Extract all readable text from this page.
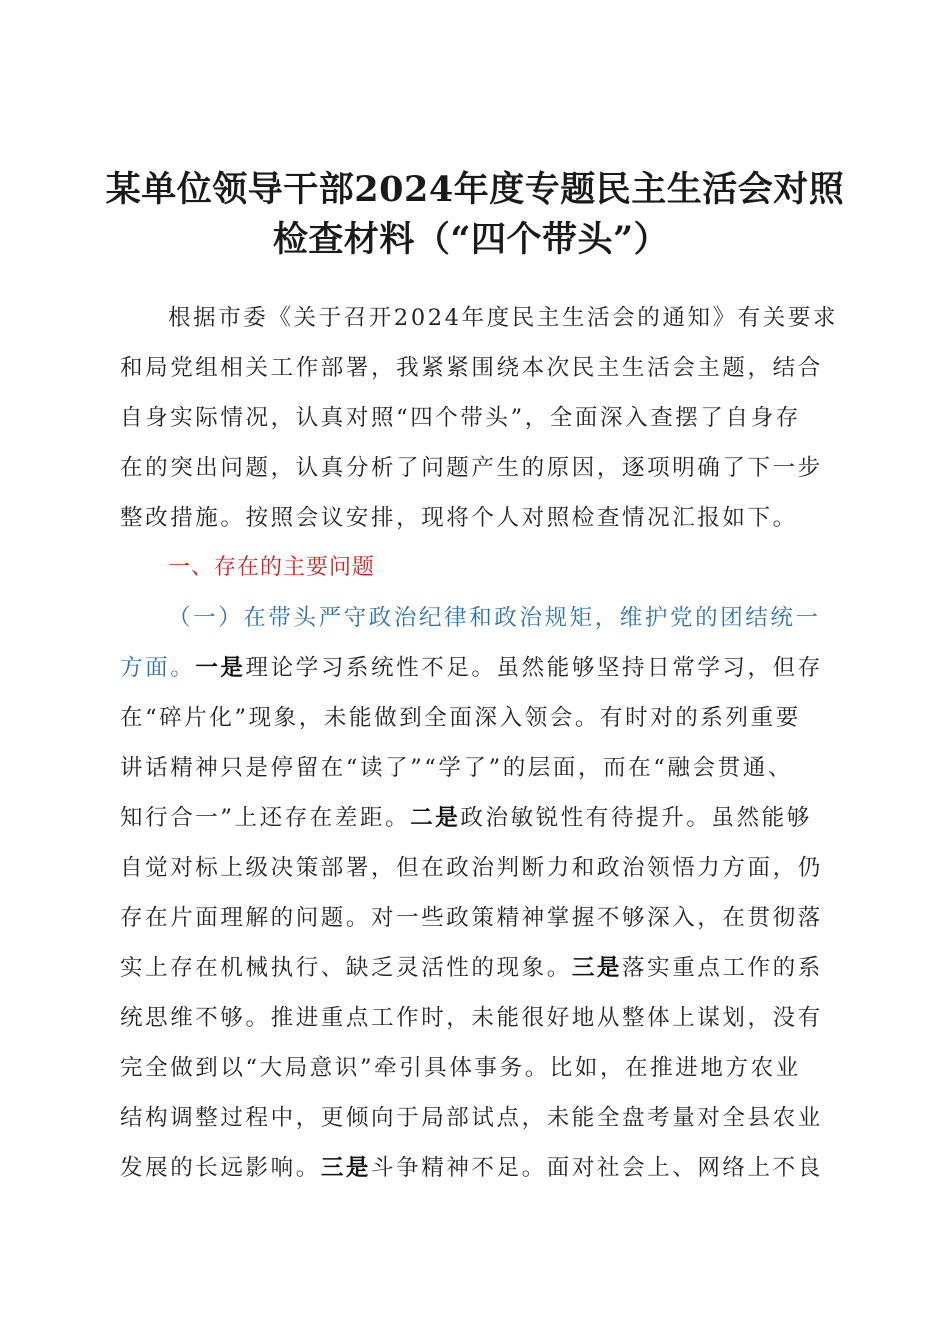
某单位领导干部2024年度专题民主生活会对照
检查材料（“四个带头”）
根据市委《关于召开2024年度民主生活会的通知》有关要求
和局党组相关工作部署，我紧紧围绕本次民主生活会主题，结合
自身实际情况，认真对照“四个带头”，全面深入查摆了自身存
在的突出问题，认真分析了问题产生的原因，逐项明确了下一步
整改措施。按照会议安排，现将个人对照检查情况汇报如下。
一、存在的主要问题
（一）在带头严守政治纪律和政治规矩，维护党的团结统一
方面。一是理论学习系统性不足。虽然能够坚持日常学习，但存
在“碎片化”现象，未能做到全面深入领会。有时对的系列重要
讲话精神只是停留在“读了”“学了”的层面，而在“融会贯通、
知行合一”上还存在差距。二是政治敏锐性有待提升。虽然能够
自觉对标上级决策部署，但在政治判断力和政治领悟力方面，仍
存在片面理解的问题。对一些政策精神掌握不够深入，在贯彻落
实上存在机械执行、缺乏灵活性的现象。三是落实重点工作的系
统思维不够。推进重点工作时，未能很好地从整体上谋划，没有
完全做到以“大局意识”牵引具体事务。比如，在推进地方农业
结构调整过程中，更倾向于局部试点，未能全盘考量对全县农业
发展的长远影响。三是斗争精神不足。面对社会上、网络上不良
